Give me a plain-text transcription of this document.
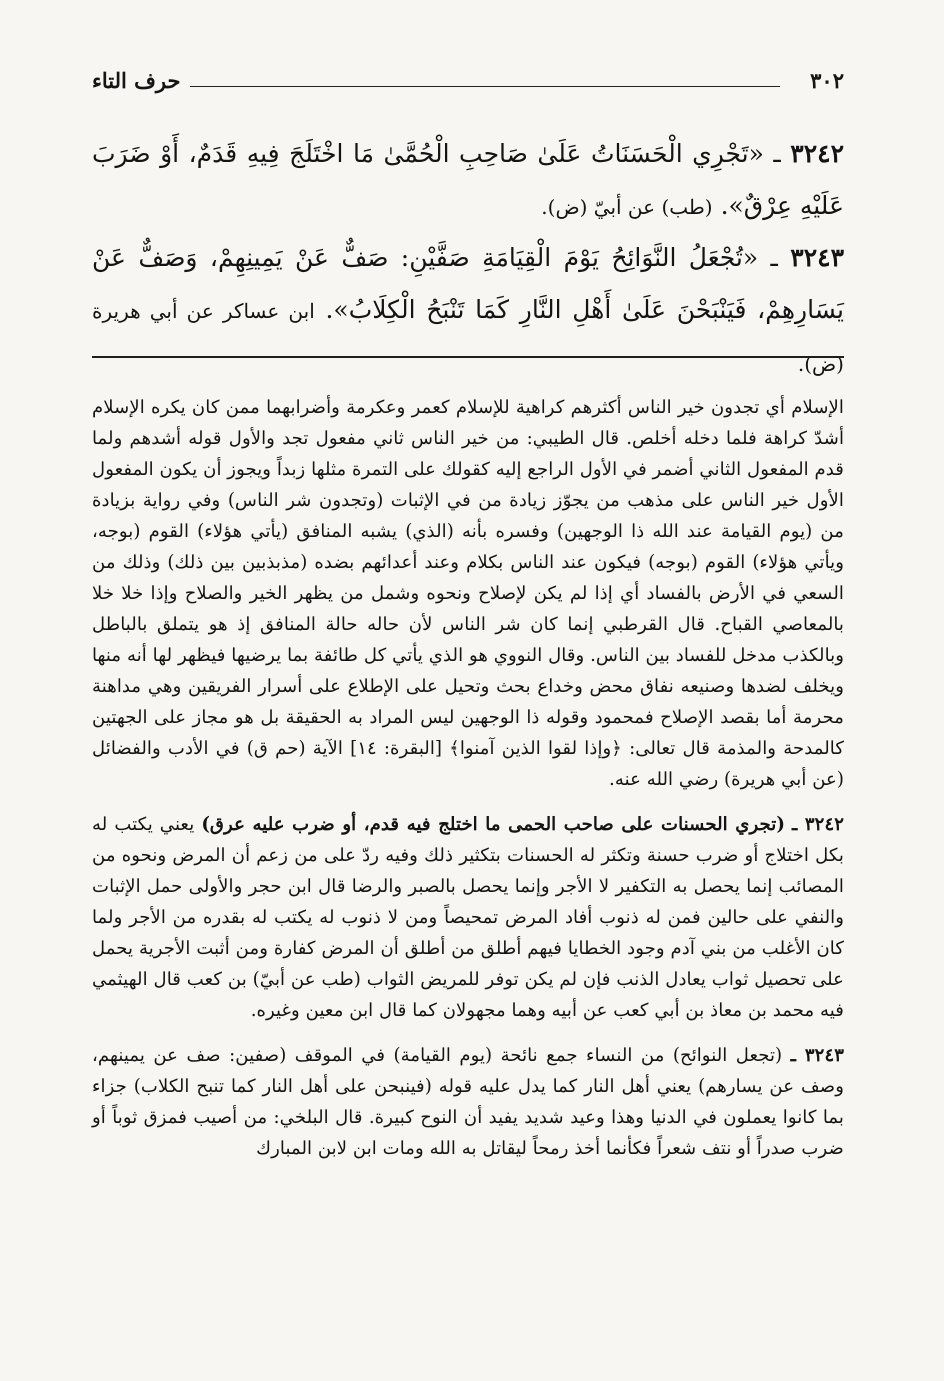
٣٠٢
حرف التاء
٣٢٤٢ ـ «تَجْرِي الْحَسَنَاتُ عَلَىٰ صَاحِبِ الْحُمَّىٰ مَا اخْتَلَجَ فِيهِ قَدَمٌ، أَوْ ضَرَبَ عَلَيْهِ عِرْقٌ». (طب) عن أبيّ (ض).
٣٢٤٣ ـ «تُجْعَلُ النَّوَائِحُ يَوْمَ الْقِيَامَةِ صَفَّيْنِ: صَفٌّ عَنْ يَمِينِهِمْ، وَصَفٌّ عَنْ يَسَارِهِمْ، فَيَنْبَحْنَ عَلَىٰ أَهْلِ النَّارِ كَمَا تَنْبَحُ الْكِلَابُ». ابن عساكر عن أبي هريرة (ض).

الإسلام أي تجدون خير الناس أكثرهم كراهية للإسلام كعمر وعكرمة وأضرابهما ممن كان يكره الإسلام أشدّ كراهة فلما دخله أخلص. قال الطيبي: من خير الناس ثاني مفعول تجد والأول قوله أشدهم ولما قدم المفعول الثاني أضمر في الأول الراجع إليه كقولك على التمرة مثلها زبداً ويجوز أن يكون المفعول الأول خير الناس على مذهب من يجوّز زيادة من في الإثبات (وتجدون شر الناس) وفي رواية بزيادة من (يوم القيامة عند الله ذا الوجهين) وفسره بأنه (الذي) يشبه المنافق (يأتي هؤلاء) القوم (بوجه، ويأتي هؤلاء) القوم (بوجه) فيكون عند الناس بكلام وعند أعدائهم بضده (مذبذبين بين ذلك) وذلك من السعي في الأرض بالفساد أي إذا لم يكن لإصلاح ونحوه وشمل من يظهر الخير والصلاح وإذا خلا خلا بالمعاصي القباح. قال القرطبي إنما كان شر الناس لأن حاله حالة المنافق إذ هو يتملق بالباطل وبالكذب مدخل للفساد بين الناس. وقال النووي هو الذي يأتي كل طائفة بما يرضيها فيظهر لها أنه منها ويخلف لضدها وصنيعه نفاق محض وخداع بحث وتحيل على الإطلاع على أسرار الفريقين وهي مداهنة محرمة أما بقصد الإصلاح فمحمود وقوله ذا الوجهين ليس المراد به الحقيقة بل هو مجاز على الجهتين كالمدحة والمذمة قال تعالى: ﴿وإذا لقوا الذين آمنوا﴾ [البقرة: ١٤] الآية (حم ق) في الأدب والفضائل (عن أبي هريرة) رضي الله عنه.

٣٢٤٢ ـ (تجري الحسنات على صاحب الحمى ما اختلج فيه قدم، أو ضرب عليه عرق) يعني يكتب له بكل اختلاج أو ضرب حسنة وتكثر له الحسنات بتكثير ذلك وفيه ردّ على من زعم أن المرض ونحوه من المصائب إنما يحصل به التكفير لا الأجر وإنما يحصل بالصبر والرضا قال ابن حجر والأولى حمل الإثبات والنفي على حالين فمن له ذنوب أفاد المرض تمحيصاً ومن لا ذنوب له يكتب له بقدره من الأجر ولما كان الأغلب من بني آدم وجود الخطايا فيهم أطلق من أطلق أن المرض كفارة ومن أثبت الأجرية يحمل على تحصيل ثواب يعادل الذنب فإن لم يكن توفر للمريض الثواب (طب عن أبيّ) بن كعب قال الهيثمي فيه محمد بن معاذ بن أبي كعب عن أبيه وهما مجهولان كما قال ابن معين وغيره.

٣٢٤٣ ـ (تجعل النوائح) من النساء جمع نائحة (يوم القيامة) في الموقف (صفين: صف عن يمينهم، وصف عن يسارهم) يعني أهل النار كما يدل عليه قوله (فينبحن على أهل النار كما تنبح الكلاب) جزاء بما كانوا يعملون في الدنيا وهذا وعيد شديد يفيد أن النوح كبيرة. قال البلخي: من أصيب فمزق ثوباً أو ضرب صدراً أو نتف شعراً فكأنما أخذ رمحاً ليقاتل به الله ومات ابن لابن المبارك
